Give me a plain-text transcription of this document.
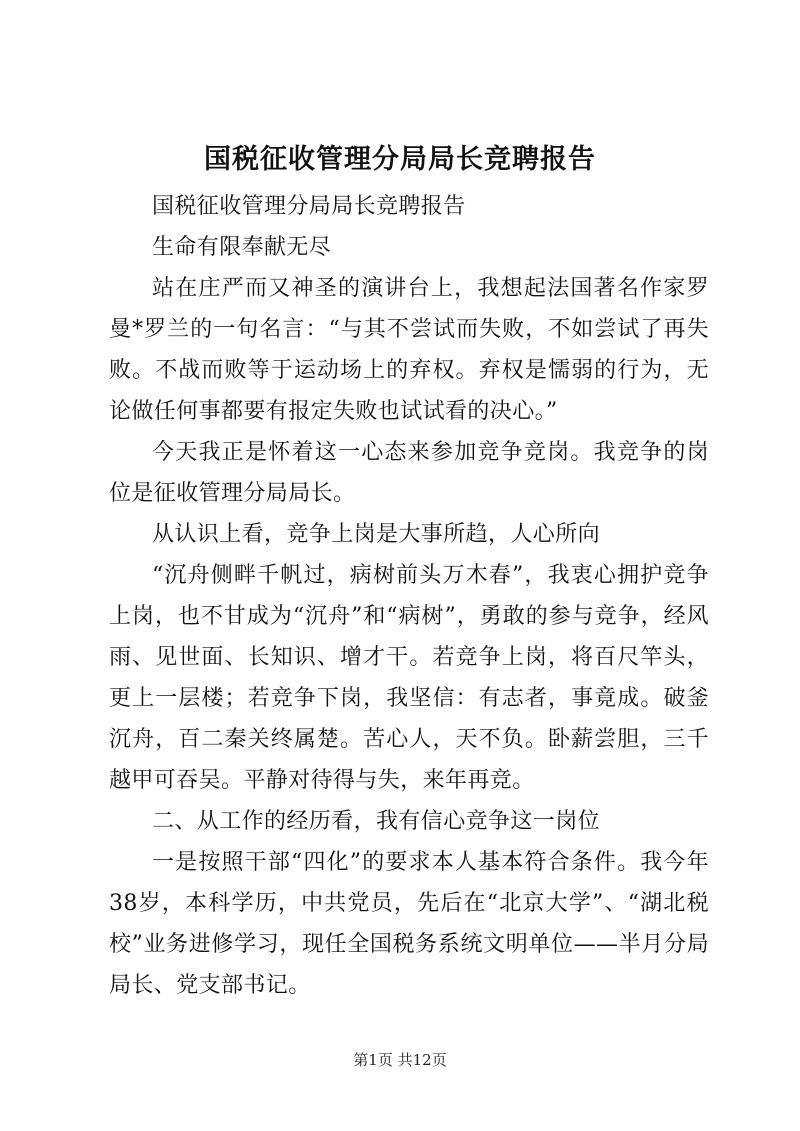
国税征收管理分局局长竞聘报告

国税征收管理分局局长竞聘报告

生命有限奉献无尽

站在庄严而又神圣的演讲台上，我想起法国著名作家罗曼*罗兰的一句名言：“与其不尝试而失败，不如尝试了再失败。不战而败等于运动场上的弃权。弃权是懦弱的行为，无论做任何事都要有报定失败也试试看的决心。”

今天我正是怀着这一心态来参加竞争竞岗。我竞争的岗位是征收管理分局局长。

从认识上看，竞争上岗是大事所趋，人心所向

“沉舟侧畔千帆过，病树前头万木春”，我衷心拥护竞争上岗，也不甘成为“沉舟”和“病树”，勇敢的参与竞争，经风雨、见世面、长知识、增才干。若竞争上岗，将百尺竿头，更上一层楼；若竞争下岗，我坚信：有志者，事竟成。破釜沉舟，百二秦关终属楚。苦心人，天不负。卧薪尝胆，三千越甲可吞吴。平静对待得与失，来年再竞。

二、从工作的经历看，我有信心竞争这一岗位

一是按照干部“四化”的要求本人基本符合条件。我今年38岁，本科学历，中共党员，先后在“北京大学”、“湖北税校”业务进修学习，现任全国税务系统文明单位——半月分局局长、党支部书记。

第1页 共12页
